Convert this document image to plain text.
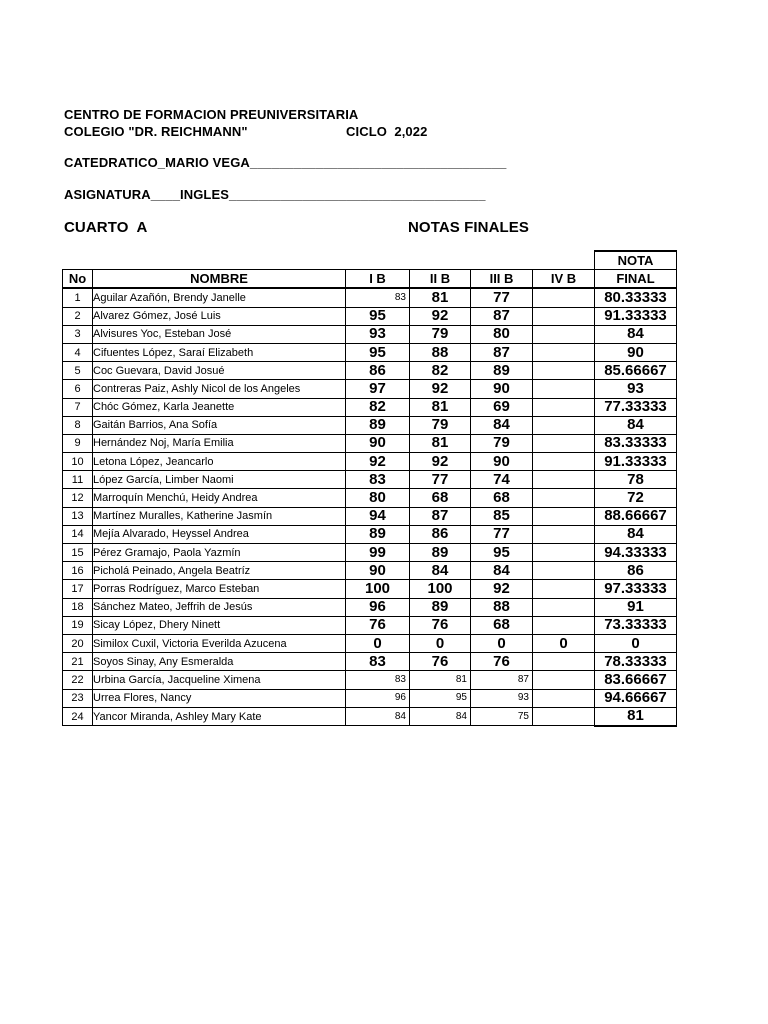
CENTRO DE FORMACION PREUNIVERSITARIA
COLEGIO "DR. REICHMANN"	CICLO  2,022
CATEDRATICO_MARIO VEGA___________________________________
ASIGNATURA____INGLES___________________________________
CUARTO  A	NOTAS FINALES
						NOTA
No	NOMBRE	I B	II B	III B	IV B	FINAL
1	Aguilar Azañón, Brendy Janelle	83	81	77		80.33333
2	Alvarez Gómez, José Luis	95	92	87		91.33333
3	Alvisures Yoc, Esteban José	93	79	80		84
4	Cifuentes López, Saraí Elizabeth	95	88	87		90
5	Coc Guevara, David Josué	86	82	89		85.66667
6	Contreras Paiz, Ashly Nicol de los Angeles	97	92	90		93
7	Chóc Gómez, Karla Jeanette	82	81	69		77.33333
8	Gaitán Barrios, Ana Sofía	89	79	84		84
9	Hernández Noj, María Emilia	90	81	79		83.33333
10	Letona López, Jeancarlo	92	92	90		91.33333
11	López García, Limber Naomi	83	77	74		78
12	Marroquín Menchú, Heidy Andrea	80	68	68		72
13	Martínez Muralles, Katherine Jasmín	94	87	85		88.66667
14	Mejía Alvarado, Heyssel Andrea	89	86	77		84
15	Pérez Gramajo, Paola Yazmín	99	89	95		94.33333
16	Picholá Peinado, Angela Beatríz	90	84	84		86
17	Porras Rodríguez, Marco Esteban	100	100	92		97.33333
18	Sánchez Mateo, Jeffrih de Jesús	96	89	88		91
19	Sicay López, Dhery Ninett	76	76	68		73.33333
20	Similox Cuxil, Victoria Everilda Azucena	0	0	0	0	0
21	Soyos Sinay, Any Esmeralda	83	76	76		78.33333
22	Urbina García, Jacqueline Ximena	83	81	87		83.66667
23	Urrea Flores, Nancy	96	95	93		94.66667
24	Yancor Miranda, Ashley Mary Kate	84	84	75		81
